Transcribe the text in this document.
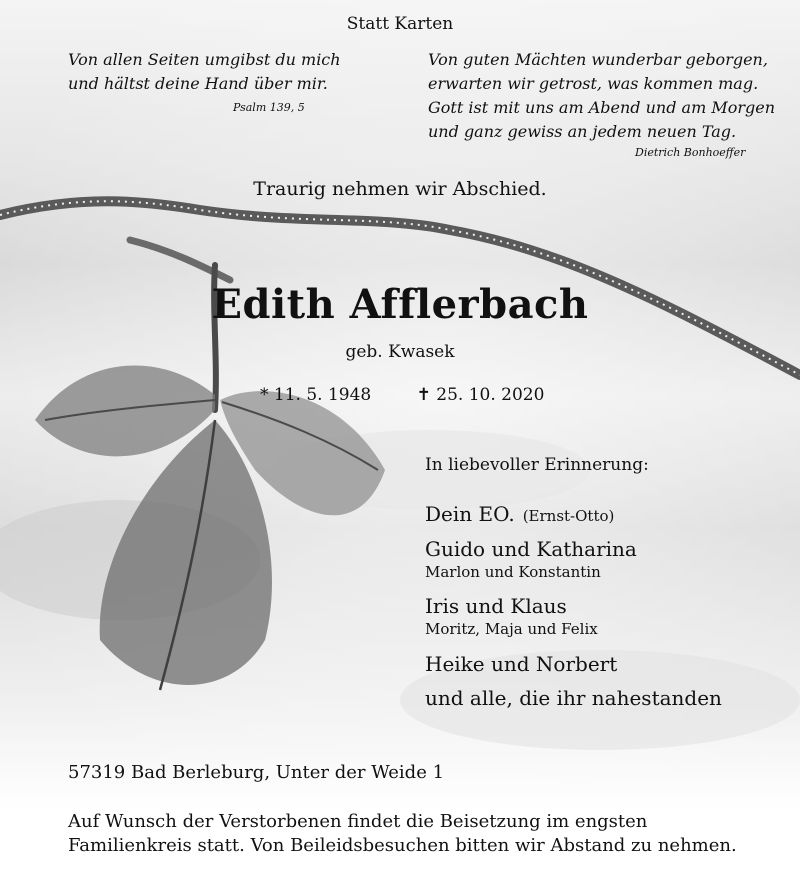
Statt Karten
Von allen Seiten umgibst du mich
und hältst deine Hand über mir.
Psalm 139, 5
Von guten Mächten wunderbar geborgen,
erwarten wir getrost, was kommen mag.
Gott ist mit uns am Abend und am Morgen
und ganz gewiss an jedem neuen Tag.
Dietrich Bonhoeffer
Traurig nehmen wir Abschied.
Edith Afflerbach
geb. Kwasek
* 11. 5. 1948	✝ 25. 10. 2020
In liebevoller Erinnerung:
Dein EO. (Ernst-Otto)
Guido und Katharina
Marlon und Konstantin
Iris und Klaus
Moritz, Maja und Felix
Heike und Norbert
und alle, die ihr nahestanden
57319 Bad Berleburg, Unter der Weide 1
Auf Wunsch der Verstorbenen findet die Beisetzung im engsten
Familienkreis statt. Von Beileidsbesuchen bitten wir Abstand zu nehmen.
